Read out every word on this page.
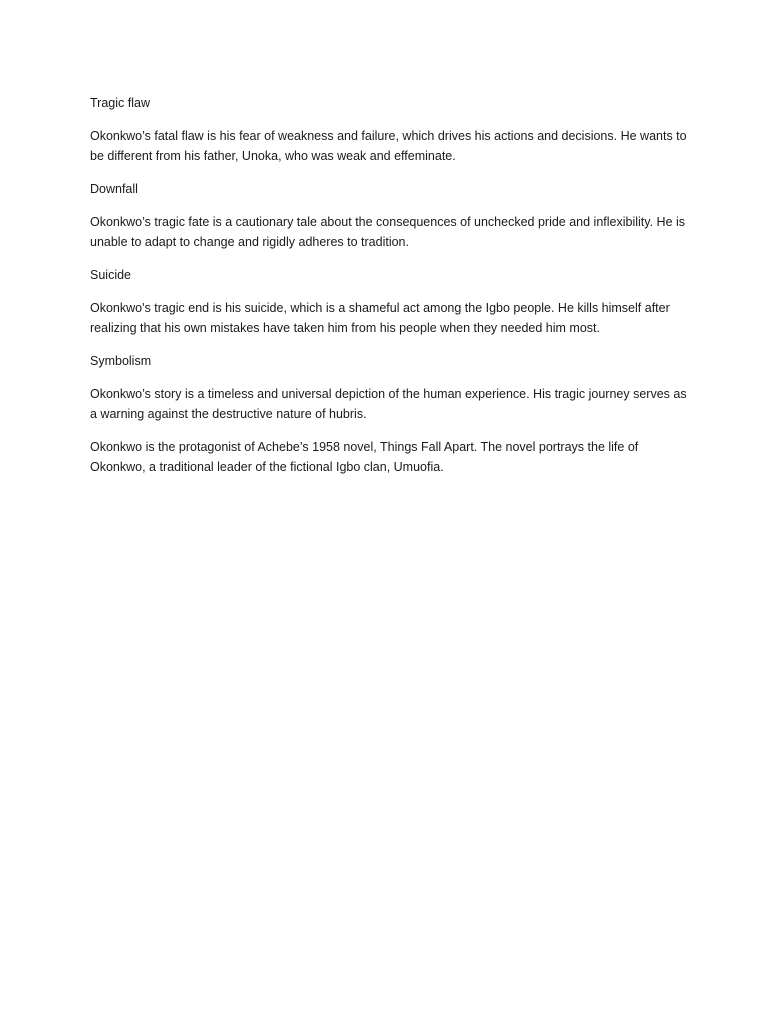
Tragic flaw

Okonkwo’s fatal flaw is his fear of weakness and failure, which drives his actions and decisions. He wants to be different from his father, Unoka, who was weak and effeminate.

Downfall

Okonkwo’s tragic fate is a cautionary tale about the consequences of unchecked pride and inflexibility. He is unable to adapt to change and rigidly adheres to tradition.

Suicide

Okonkwo's tragic end is his suicide, which is a shameful act among the Igbo people. He kills himself after realizing that his own mistakes have taken him from his people when they needed him most.

Symbolism

Okonkwo’s story is a timeless and universal depiction of the human experience. His tragic journey serves as a warning against the destructive nature of hubris.

Okonkwo is the protagonist of Achebe’s 1958 novel, Things Fall Apart. The novel portrays the life of Okonkwo, a traditional leader of the fictional Igbo clan, Umuofia.
